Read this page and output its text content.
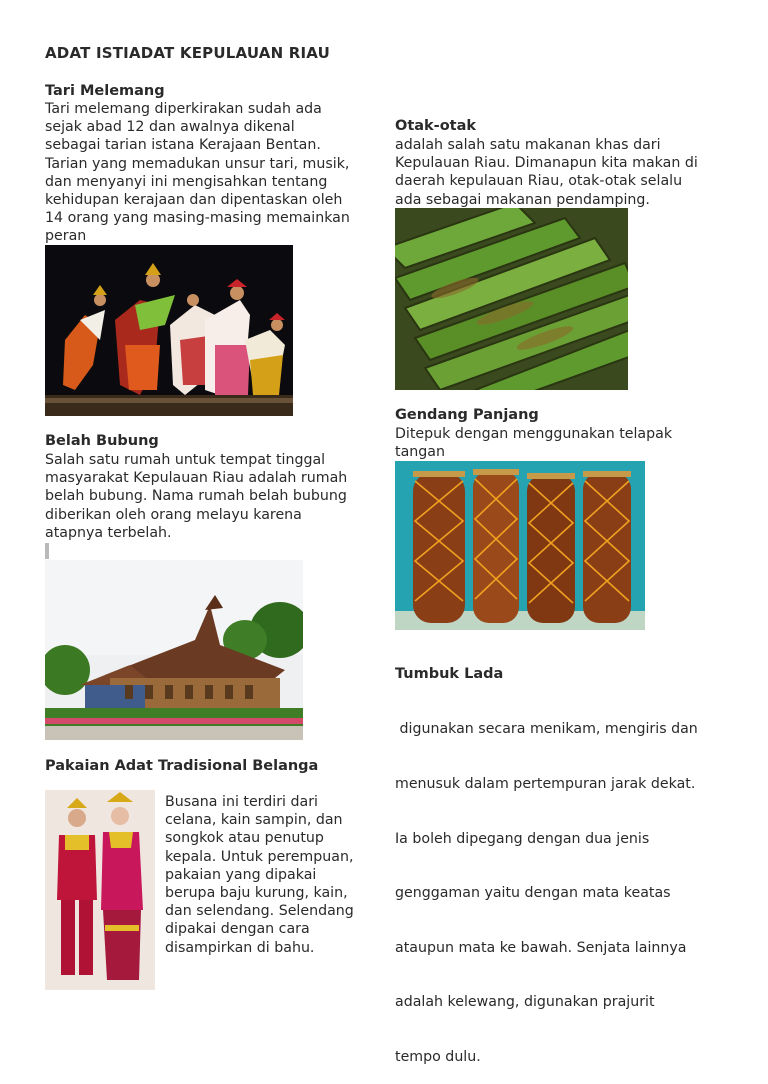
ADAT ISTIADAT KEPULAUAN RIAU
Tari Melemang
Tari melemang diperkirakan sudah ada
sejak abad 12 dan awalnya dikenal
sebagai tarian istana Kerajaan Bentan.
Tarian yang memadukan unsur tari, musik,
dan menyanyi ini mengisahkan tentang
kehidupan kerajaan dan dipentaskan oleh
14 orang yang masing-masing memainkan
peran
Belah Bubung
Salah satu rumah untuk tempat tinggal
masyarakat Kepulauan Riau adalah rumah
belah bubung. Nama rumah belah bubung
diberikan oleh orang melayu karena
atapnya terbelah.
Pakaian Adat Tradisional Belanga
Busana ini terdiri dari
celana, kain sampin, dan
songkok atau penutup
kepala. Untuk perempuan,
pakaian yang dipakai
berupa baju kurung, kain,
dan selendang. Selendang
dipakai dengan cara
disampirkan di bahu.
Otak-otak
adalah salah satu makanan khas dari
Kepulauan Riau. Dimanapun kita makan di
daerah kepulauan Riau, otak-otak selalu
ada sebagai makanan pendamping.
Gendang Panjang
Ditepuk dengan menggunakan telapak
tangan
Tumbuk Lada

digunakan secara menikam, mengiris dan

menusuk dalam pertempuran jarak dekat.

Ia boleh dipegang dengan dua jenis

genggaman yaitu dengan mata keatas

ataupun mata ke bawah. Senjata lainnya

adalah kelewang, digunakan prajurit

tempo dulu.
